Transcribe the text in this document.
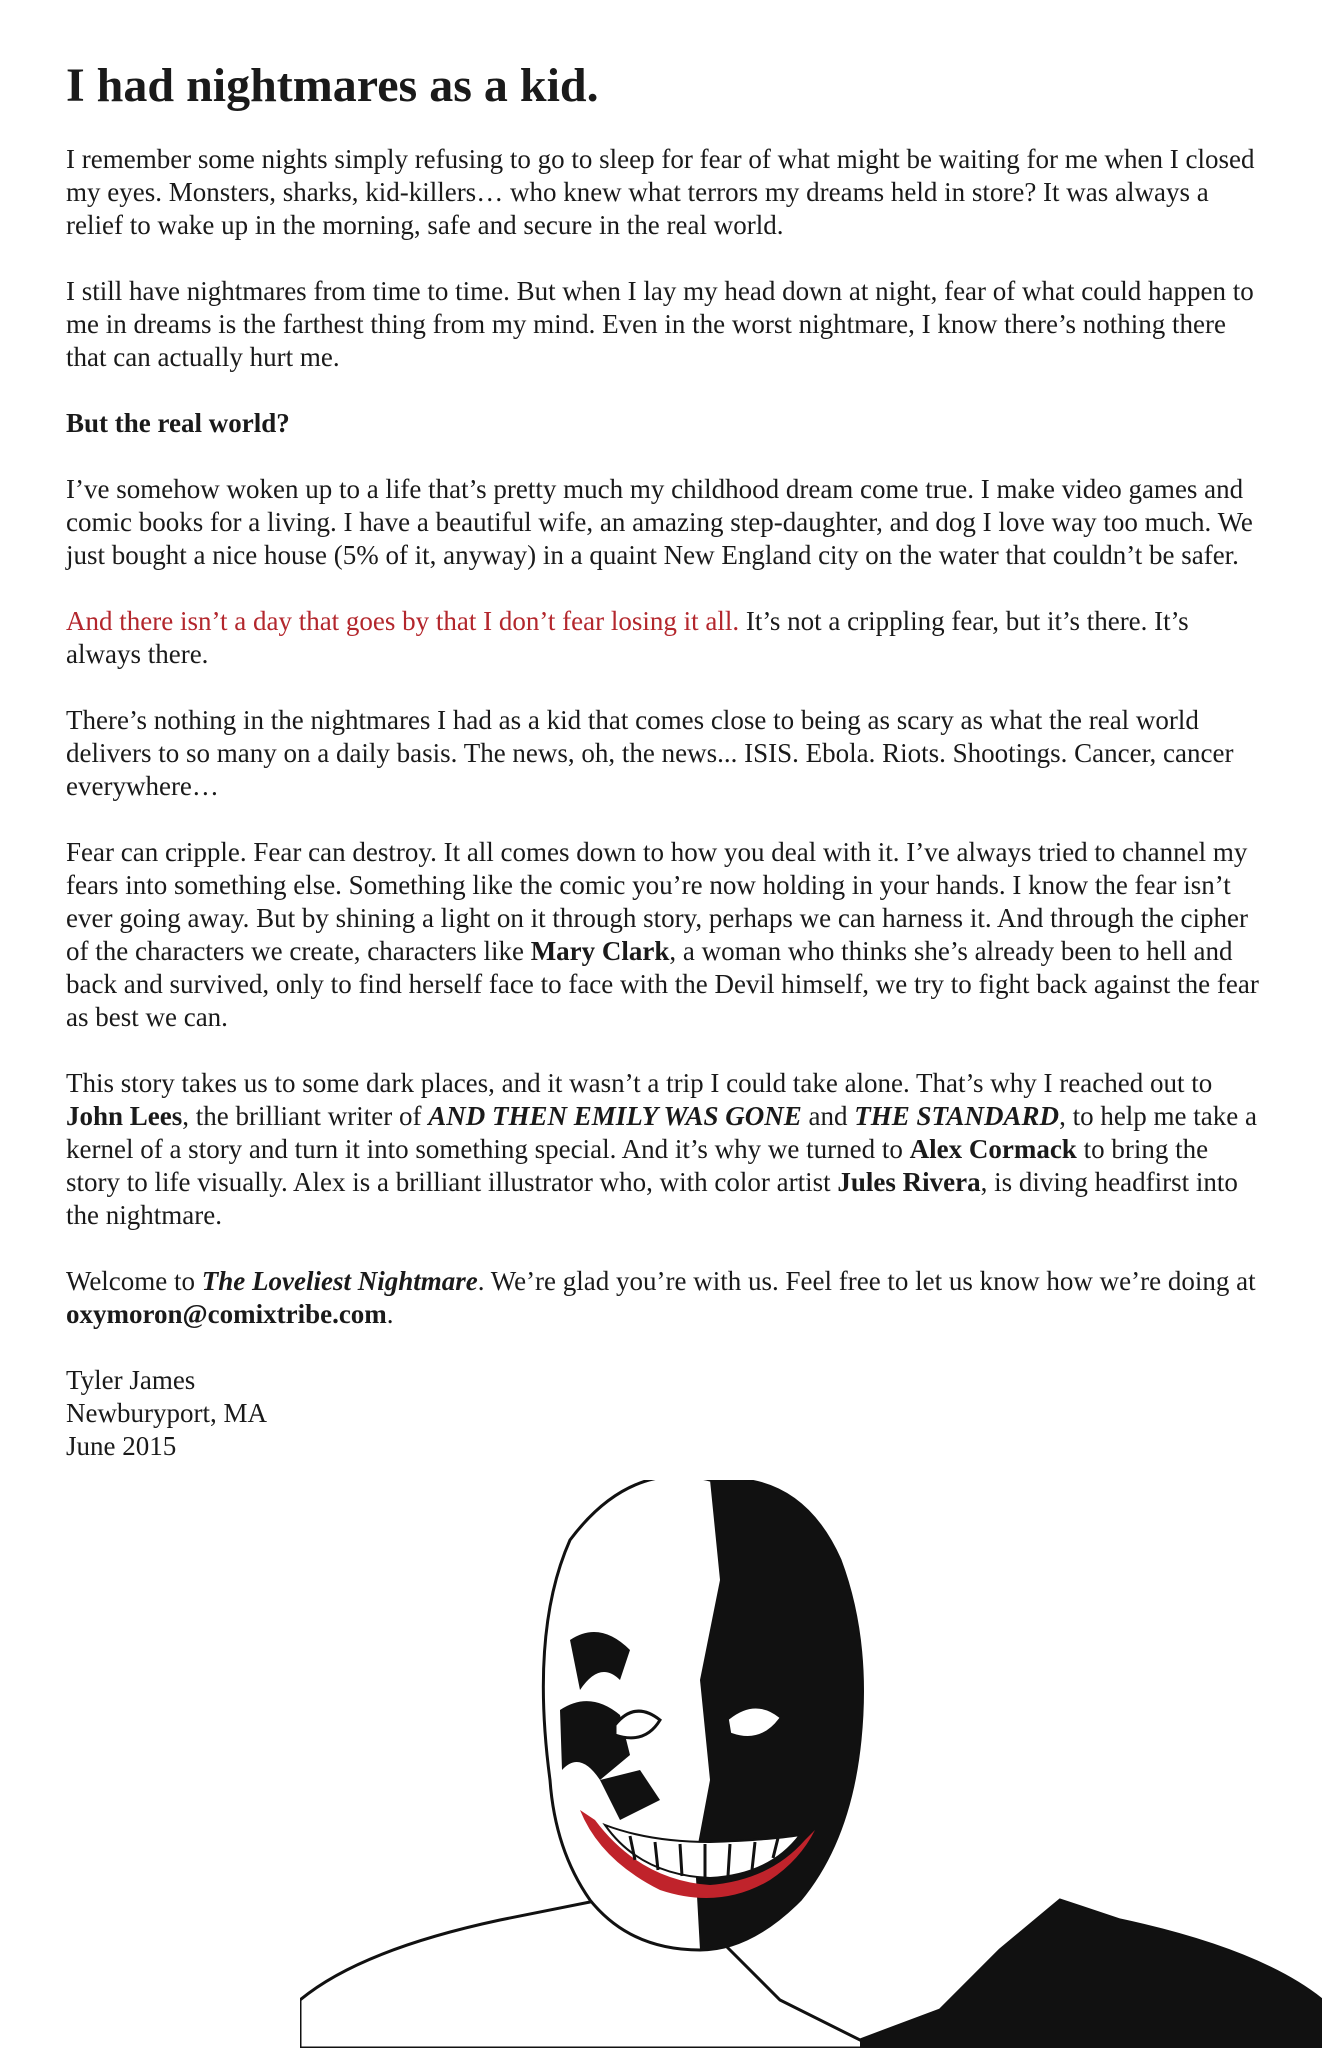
I had nightmares as a kid.

I remember some nights simply refusing to go to sleep for fear of what might be waiting for me when I closed my eyes. Monsters, sharks, kid-killers… who knew what terrors my dreams held in store? It was always a relief to wake up in the morning, safe and secure in the real world.

I still have nightmares from time to time. But when I lay my head down at night, fear of what could happen to me in dreams is the farthest thing from my mind. Even in the worst nightmare, I know there’s nothing there that can actually hurt me.

But the real world?

I’ve somehow woken up to a life that’s pretty much my childhood dream come true. I make video games and comic books for a living. I have a beautiful wife, an amazing step-daughter, and dog I love way too much. We just bought a nice house (5% of it, anyway) in a quaint New England city on the water that couldn’t be safer.

And there isn’t a day that goes by that I don’t fear losing it all. It’s not a crippling fear, but it’s there. It’s always there.

There’s nothing in the nightmares I had as a kid that comes close to being as scary as what the real world delivers to so many on a daily basis. The news, oh, the news... ISIS. Ebola. Riots. Shootings. Cancer, cancer everywhere…

Fear can cripple. Fear can destroy. It all comes down to how you deal with it. I’ve always tried to channel my fears into something else. Something like the comic you’re now holding in your hands. I know the fear isn’t ever going away. But by shining a light on it through story, perhaps we can harness it. And through the cipher of the characters we create, characters like Mary Clark, a woman who thinks she’s already been to hell and back and survived, only to find herself face to face with the Devil himself, we try to fight back against the fear as best we can.

This story takes us to some dark places, and it wasn’t a trip I could take alone. That’s why I reached out to John Lees, the brilliant writer of AND THEN EMILY WAS GONE and THE STANDARD, to help me take a kernel of a story and turn it into something special. And it’s why we turned to Alex Cormack to bring the story to life visually. Alex is a brilliant illustrator who, with color artist Jules Rivera, is diving headfirst into the nightmare.

Welcome to The Loveliest Nightmare. We’re glad you’re with us. Feel free to let us know how we’re doing at oxymoron@comixtribe.com.

Tyler James

Newburyport, MA

June 2015
